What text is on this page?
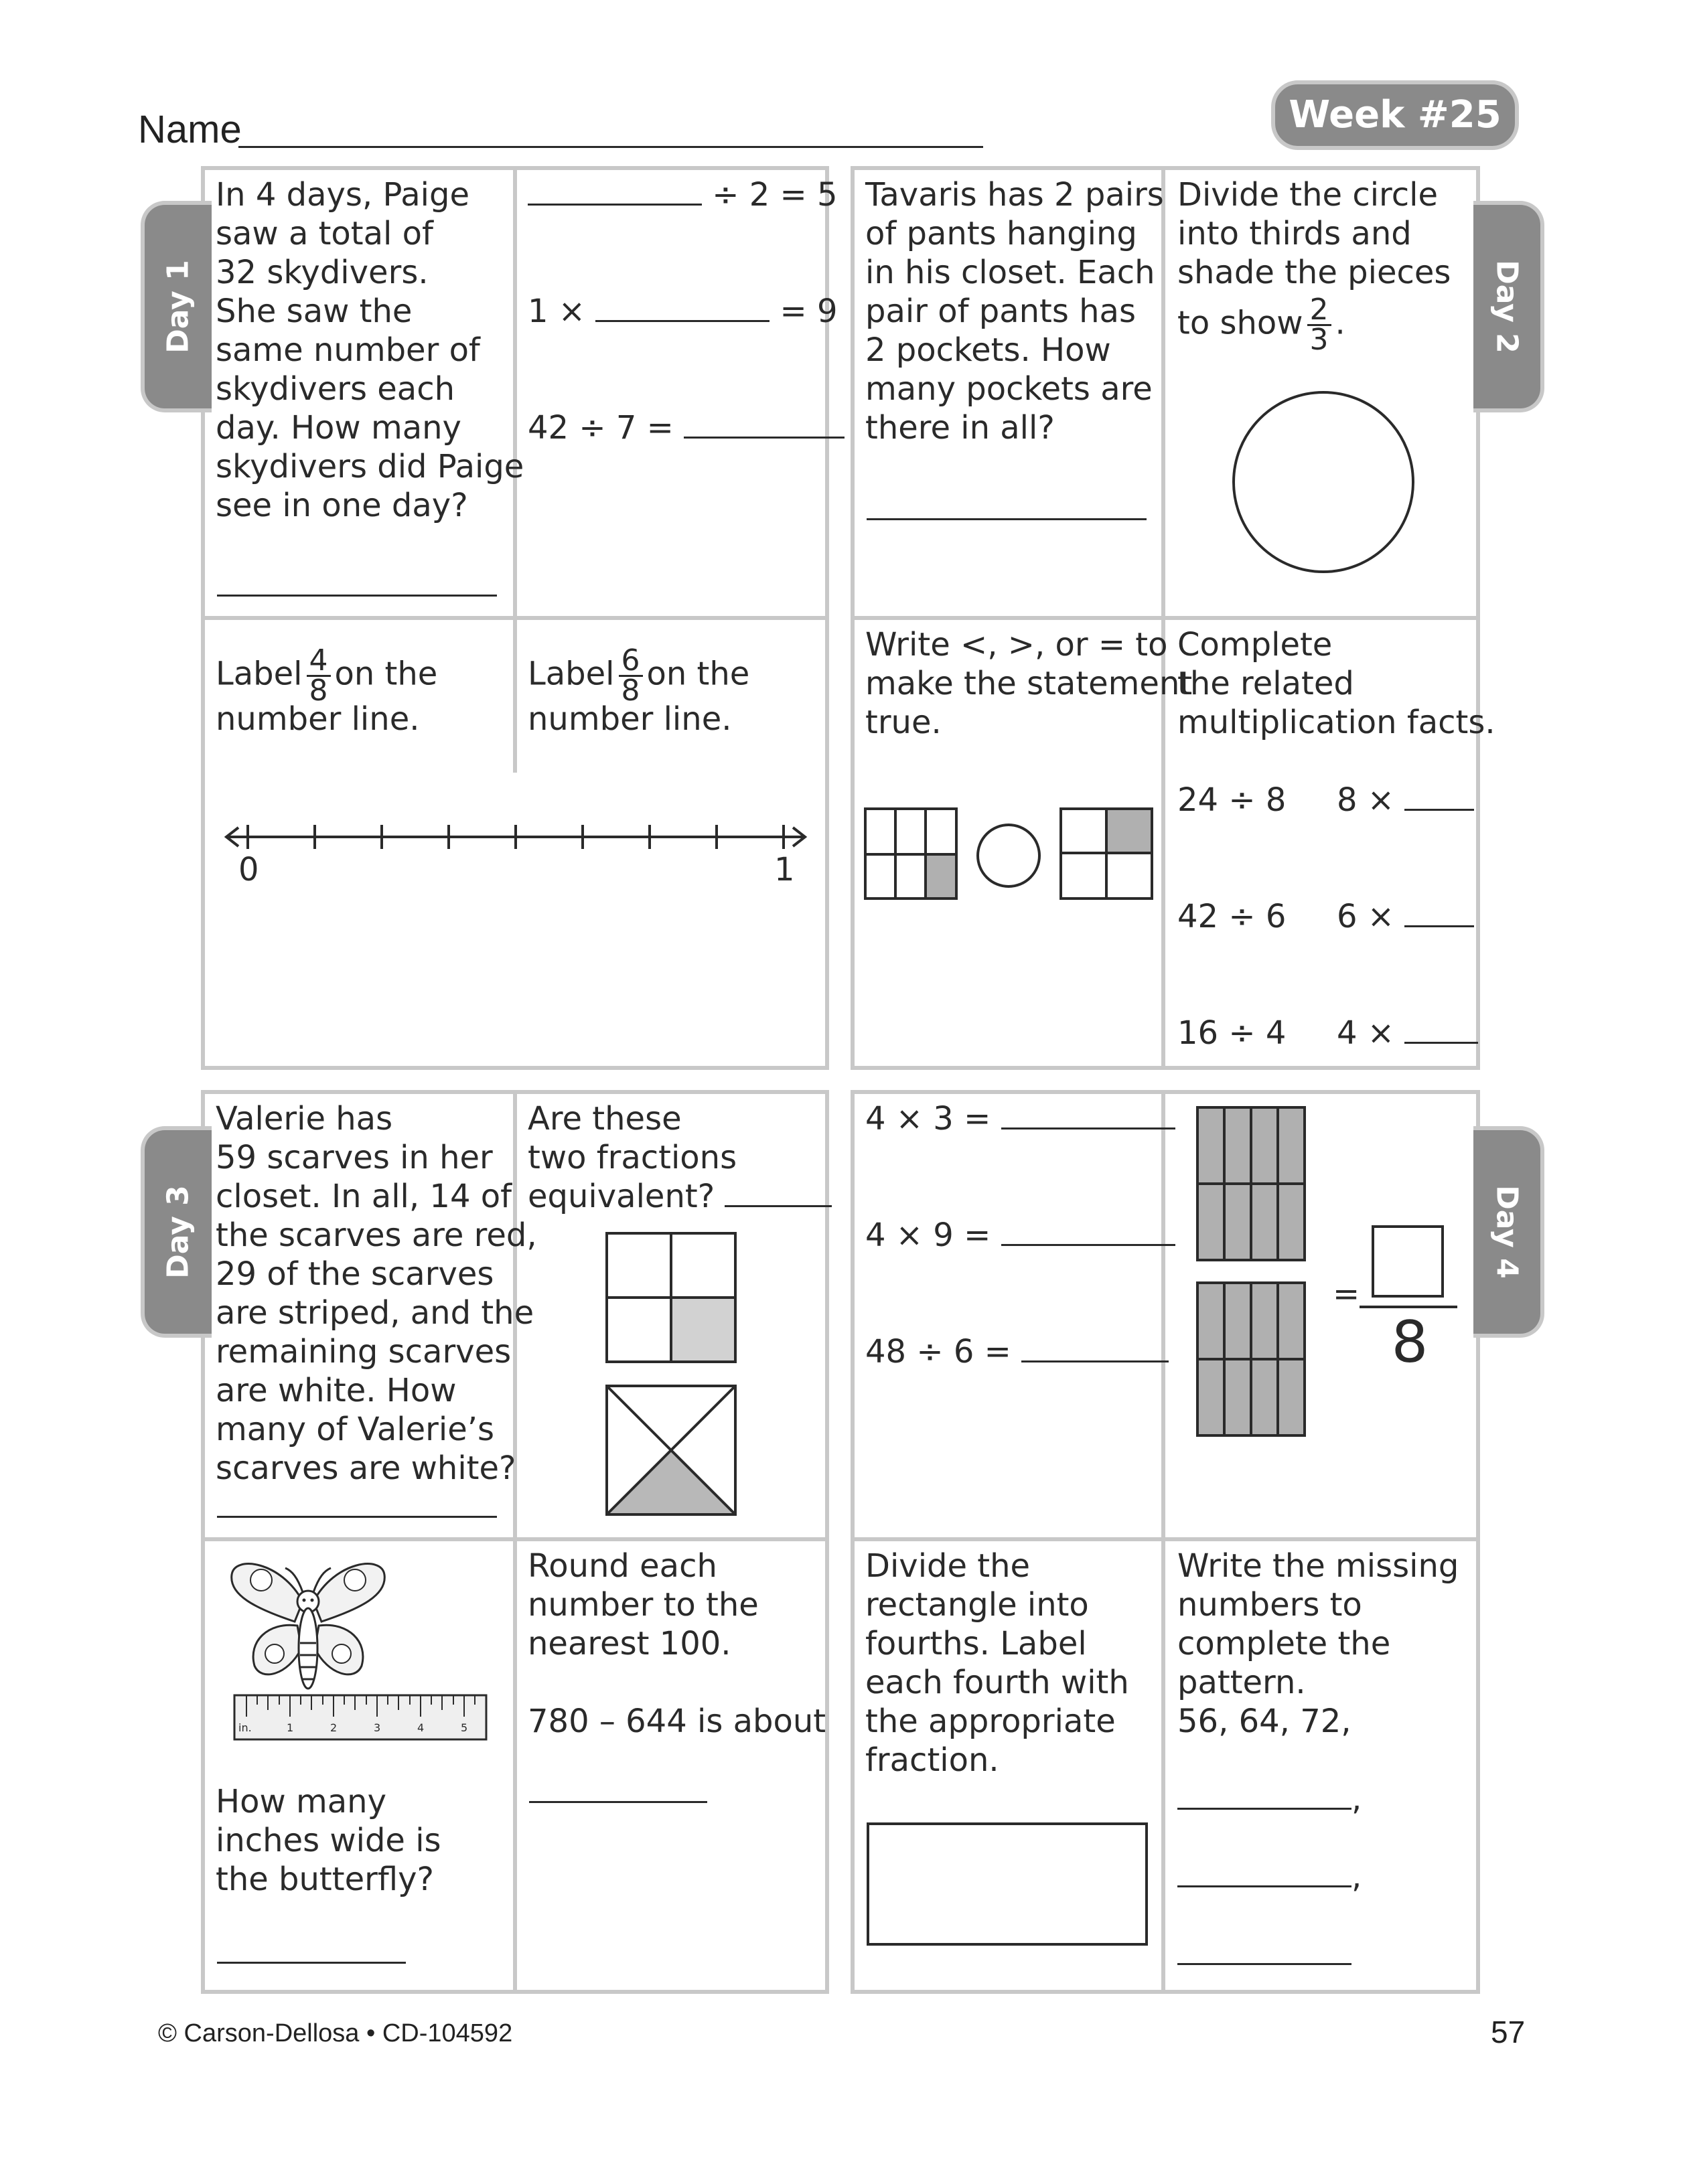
Name	Week #25
Day 1	Day 2
Day 3	Day 4
In 4 days, Paige
saw a total of
32 skydivers.
She saw the
same number of
skydivers each
day. How many
skydivers did Paige
see in one day?
÷ 2 = 5
1 ×	= 9
42 ÷ 7 =
Label $\frac{4}{8}$ on the
number line.
Label $\frac{6}{8}$ on the
number line.
0	1
Tavaris has 2 pairs
of pants hanging
in his closet. Each
pair of pants has
2 pockets. How
many pockets are
there in all?
Divide the circle
into thirds and
shade the pieces
to show $\frac{2}{3}$ .
Write <, >, or = to
make the statement
true.
Complete
the related
multiplication facts.
24 ÷ 8 8 ×
42 ÷ 6 6 ×
16 ÷ 4 4 ×
Valerie has
59 scarves in her
closet. In all, 14 of
the scarves are red,
29 of the scarves
are striped, and the
remaining scarves
are white. How
many of Valerie’s
scarves are white?
Are these
two fractions
equivalent?
in.	1	2	3	4	5
How many
inches wide is
the butterfly?
Round each
number to the
nearest 100.
780 – 644 is about
4 × 3 =
4 × 9 =
48 ÷ 6 =
=
8
Divide the
rectangle into
fourths. Label
each fourth with
the appropriate
fraction.
Write the missing
numbers to
complete the
pattern.
56, 64, 72,
,
,
© Carson-Dellosa • CD-104592	57
